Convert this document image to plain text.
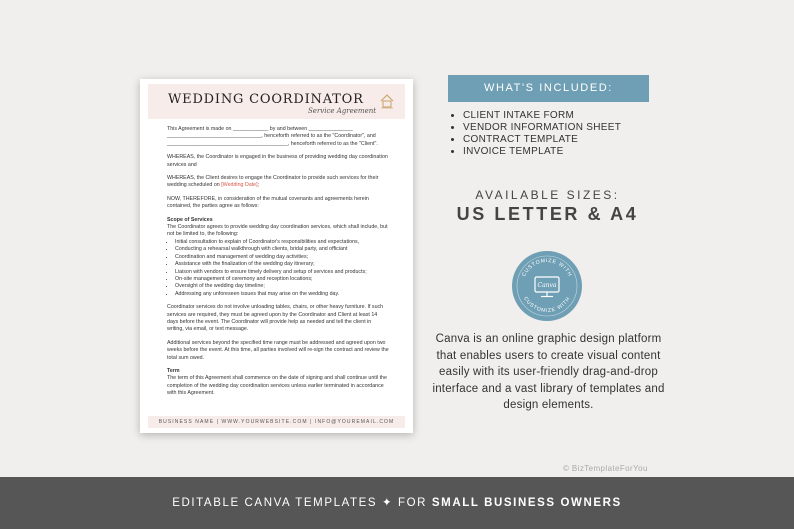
WEDDING COORDINATOR
Service Agreement

This Agreement is made on ____________ by and between _______________
________________________________, henceforth referred to as the "Coordinator", and
_________________________________________, henceforth referred to as the "Client".

WHEREAS, the Coordinator is engaged in the business of providing wedding day coordination services and

WHEREAS, the Client desires to engage the Coordinator to provide such services for their wedding scheduled on [Wedding Date];

NOW, THEREFORE, in consideration of the mutual covenants and agreements herein contained, the parties agree as follows:

Scope of Services
The Coordinator agrees to provide wedding day coordination services, which shall include, but not be limited to, the following:
• Initial consultation to explain of Coordinator's responsibilities and expectations,
• Conducting a rehearsal walkthrough with clients, bridal party, and officiant
• Coordination and management of wedding day activities;
• Assistance with the finalization of the wedding day itinerary;
• Liaison with vendors to ensure timely delivery and setup of services and products;
• On-site management of ceremony and reception locations;
• Oversight of the wedding day timeline;
• Addressing any unforeseen issues that may arise on the wedding day.

Coordinator services do not involve unloading tables, chairs, or other heavy furniture. If such services are required, they must be agreed upon by the Coordinator and Client at least 14 days before the event. The Coordinator will provide help as needed and tell the client in writing, via email, or text message.

Additional services beyond the specified time range must be addressed and agreed upon two weeks before the event. At this time, all parties involved will re-sign the contract and review the total sum owed.

Term
The term of this Agreement shall commence on the date of signing and shall continue until the completion of the wedding day coordination services unless earlier terminated in accordance with this Agreement.
BUSINESS NAME | WWW.YOURWEBSITE.COM | INFO@YOUREMAIL.COM
WHAT'S INCLUDED:
• CLIENT INTAKE FORM
• VENDOR INFORMATION SHEET
• CONTRACT TEMPLATE
• INVOICE TEMPLATE
AVAILABLE SIZES:
US LETTER & A4
CUSTOMIZE WITH
CUSTOMIZE WITH
Canva
Canva is an online graphic design platform that enables users to create visual content easily with its user-friendly drag-and-drop interface and a vast library of templates and design elements.
© BizTemplateForYou
EDITABLE CANVA TEMPLATES ✦ FOR SMALL BUSINESS OWNERS
